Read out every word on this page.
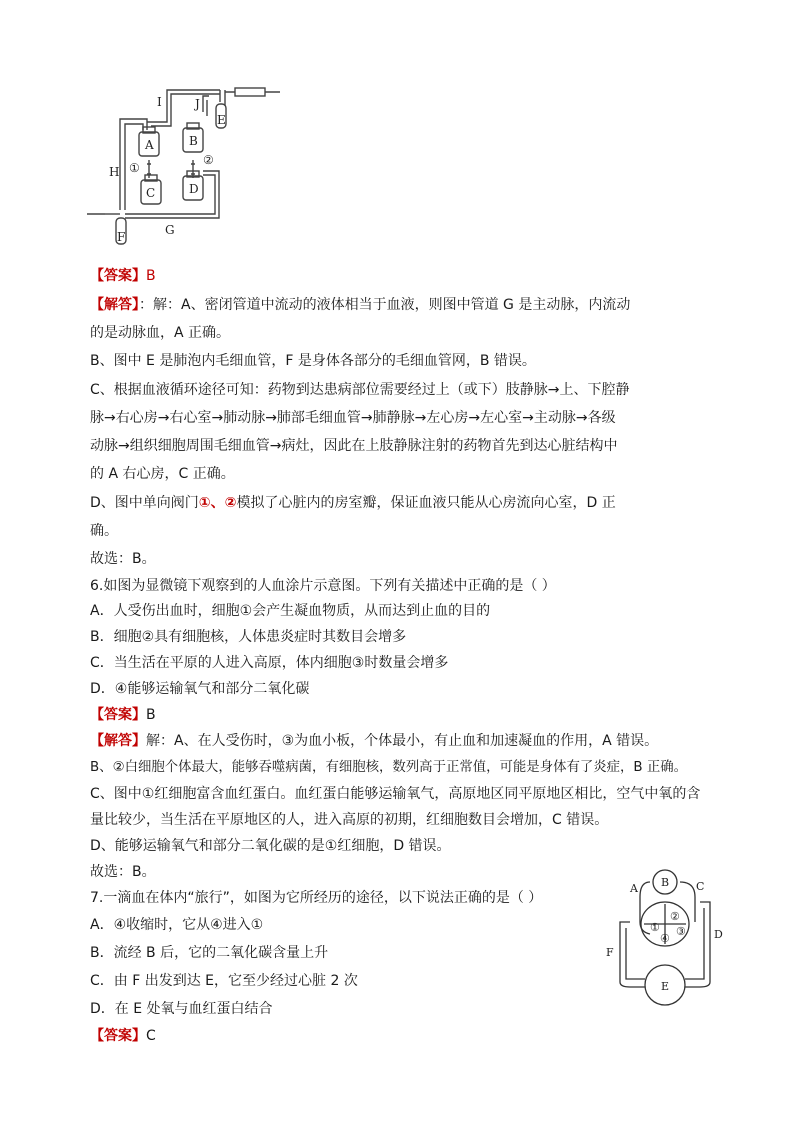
I	J
A	B
C	D
E
F	G
H ①
②
【答案】B
【解答】：解：A、密闭管道中流动的液体相当于血液，则图中管道 G 是主动脉，内流动
的是动脉血，A 正确。
B、图中 E 是肺泡内毛细血管，F 是身体各部分的毛细血管网，B 错误。
C、根据血液循环途径可知：药物到达患病部位需要经过上（或下）肢静脉→上、下腔静
脉→右心房→右心室→肺动脉→肺部毛细血管→肺静脉→左心房→左心室→主动脉→各级
动脉→组织细胞周围毛细血管→病灶，因此在上肢静脉注射的药物首先到达心脏结构中
的 A 右心房，C 正确。
D、图中单向阀门①、②模拟了心脏内的房室瓣，保证血液只能从心房流向心室，D 正
确。
故选：B。
6.如图为显微镜下观察到的人血涂片示意图。下列有关描述中正确的是（ ）
A．人受伤出血时，细胞①会产生凝血物质，从而达到止血的目的
B．细胞②具有细胞核，人体患炎症时其数目会增多
C．当生活在平原的人进入高原，体内细胞③时数量会增多
D．④能够运输氧气和部分二氧化碳
【答案】B
【解答】解：A、在人受伤时，③为血小板，个体最小，有止血和加速凝血的作用，A 错误。
B、②白细胞个体最大，能够吞噬病菌，有细胞核，数列高于正常值，可能是身体有了炎症，B 正确。
C、图中①红细胞富含血红蛋白。血红蛋白能够运输氧气，高原地区同平原地区相比，空气中氧的含
量比较少，当生活在平原地区的人，进入高原的初期，红细胞数目会增加，C 错误。
D、能够运输氧气和部分二氧化碳的是①红细胞，D 错误。
故选：B。
7.一滴血在体内“旅行”，如图为它所经历的途径，以下说法正确的是（ ）
A．④收缩时，它从④进入①
B．流经 B 后，它的二氧化碳含量上升
C．由 F 出发到达 E，它至少经过心脏 2 次
D．在 E 处氧与血红蛋白结合
【答案】C
B
A	C
D
E
F
①
②
③
④
